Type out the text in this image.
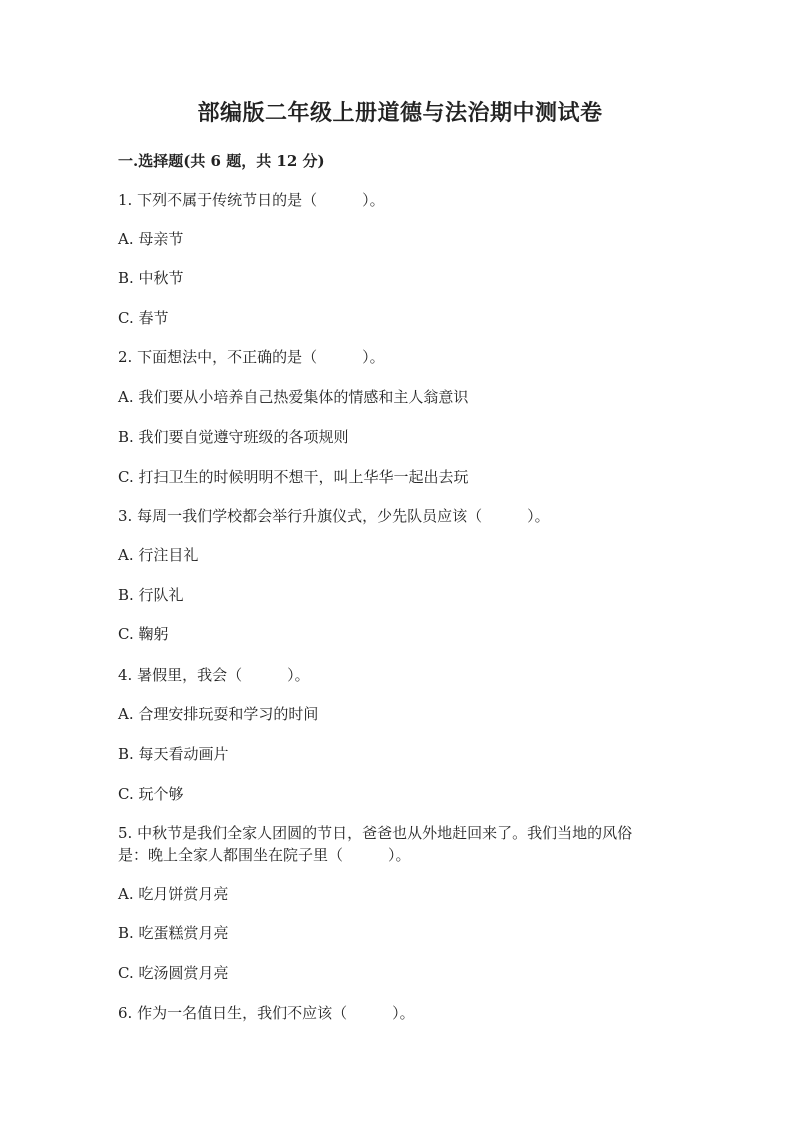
部编版二年级上册道德与法治期中测试卷
一.选择题(共 6 题，共 12 分)
1. 下列不属于传统节日的是（　　　）。
A. 母亲节
B. 中秋节
C. 春节
2. 下面想法中，不正确的是（　　　）。
A. 我们要从小培养自己热爱集体的情感和主人翁意识
B. 我们要自觉遵守班级的各项规则
C. 打扫卫生的时候明明不想干，叫上华华一起出去玩
3. 每周一我们学校都会举行升旗仪式，少先队员应该（　　　）。
A. 行注目礼
B. 行队礼
C. 鞠躬
4. 暑假里，我会（　　　）。
A. 合理安排玩耍和学习的时间
B. 每天看动画片
C. 玩个够
5. 中秋节是我们全家人团圆的节日，爸爸也从外地赶回来了。我们当地的风俗
是：晚上全家人都围坐在院子里（　　　）。
A. 吃月饼赏月亮
B. 吃蛋糕赏月亮
C. 吃汤圆赏月亮
6. 作为一名值日生，我们不应该（　　　）。
